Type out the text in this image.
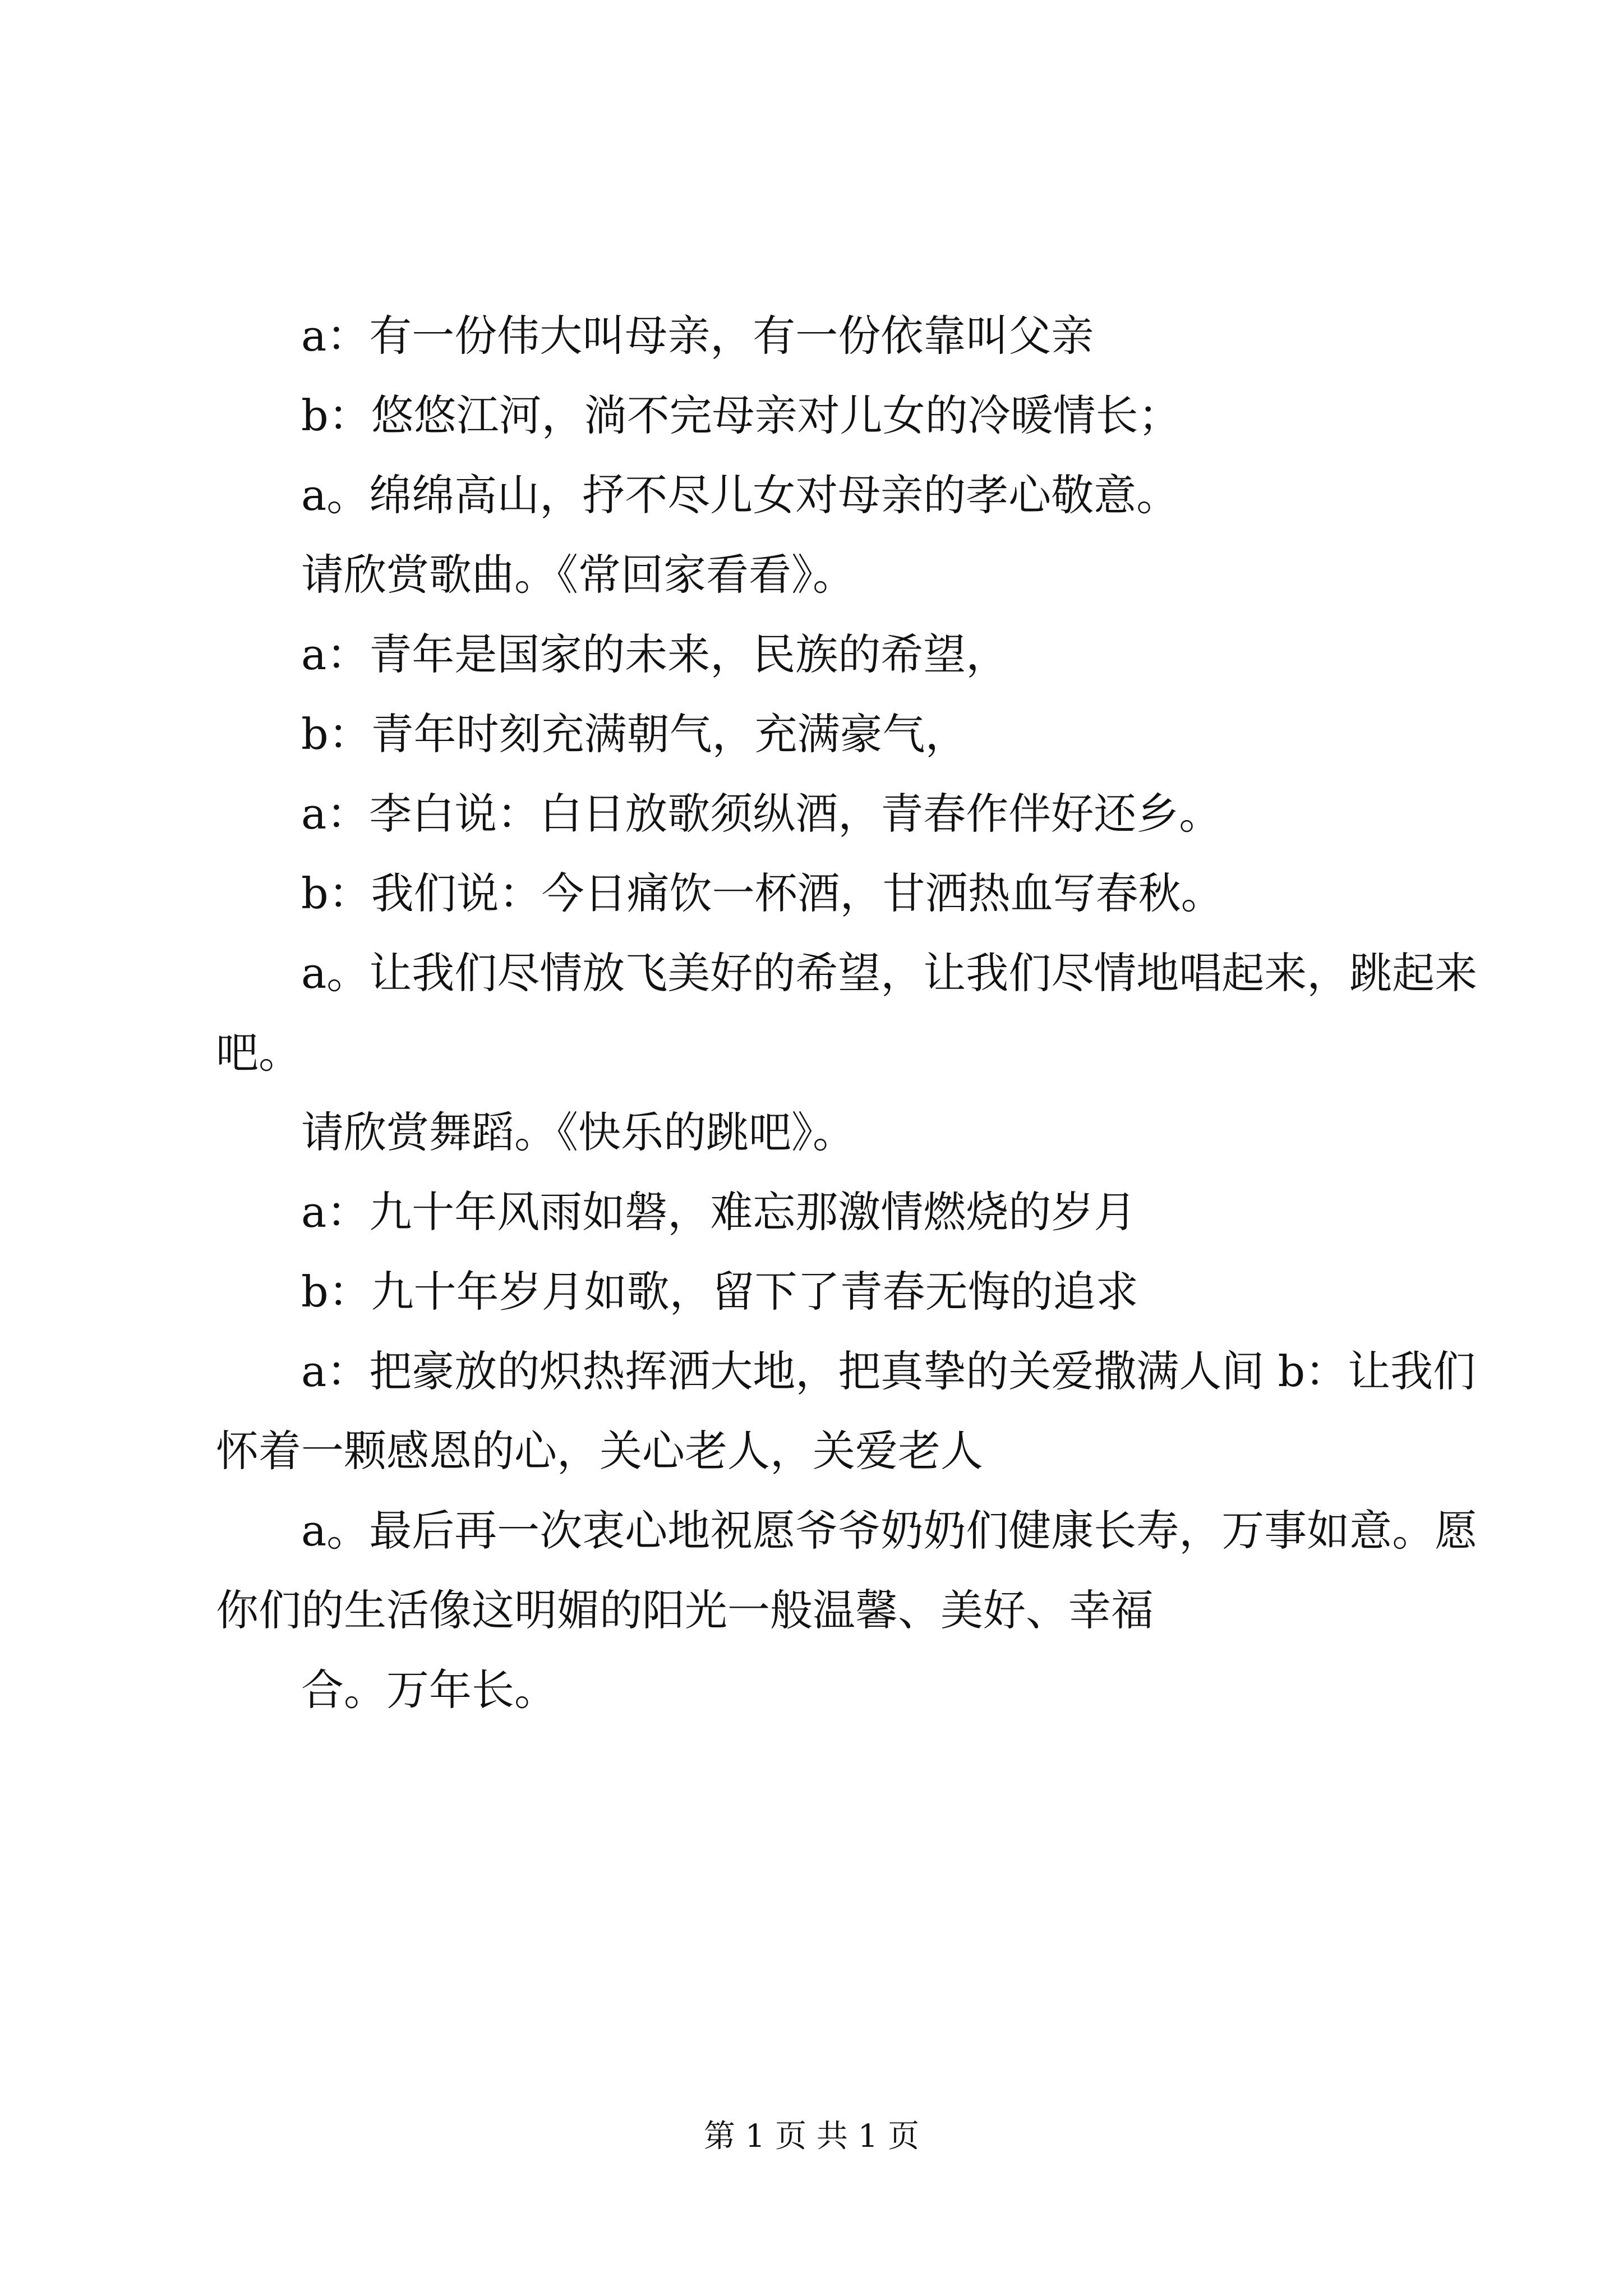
a：有一份伟大叫母亲，有一份依靠叫父亲

b：悠悠江河，淌不完母亲对儿女的冷暖情长；

a。绵绵高山，抒不尽儿女对母亲的孝心敬意。

请欣赏歌曲。《常回家看看》。

a：青年是国家的未来，民族的希望，

b：青年时刻充满朝气，充满豪气，

a：李白说：白日放歌须纵酒，青春作伴好还乡。

b：我们说：今日痛饮一杯酒，甘洒热血写春秋。

a。让我们尽情放飞美好的希望，让我们尽情地唱起来，跳起来吧。

请欣赏舞蹈。《快乐的跳吧》。

a：九十年风雨如磐，难忘那激情燃烧的岁月

b：九十年岁月如歌，留下了青春无悔的追求

a：把豪放的炽热挥洒大地，把真挚的关爱撒满人间 b：让我们怀着一颗感恩的心，关心老人，关爱老人

a。最后再一次衷心地祝愿爷爷奶奶们健康长寿，万事如意。愿你们的生活像这明媚的阳光一般温馨、美好、幸福

合。万年长。

第 1 页 共 1 页
